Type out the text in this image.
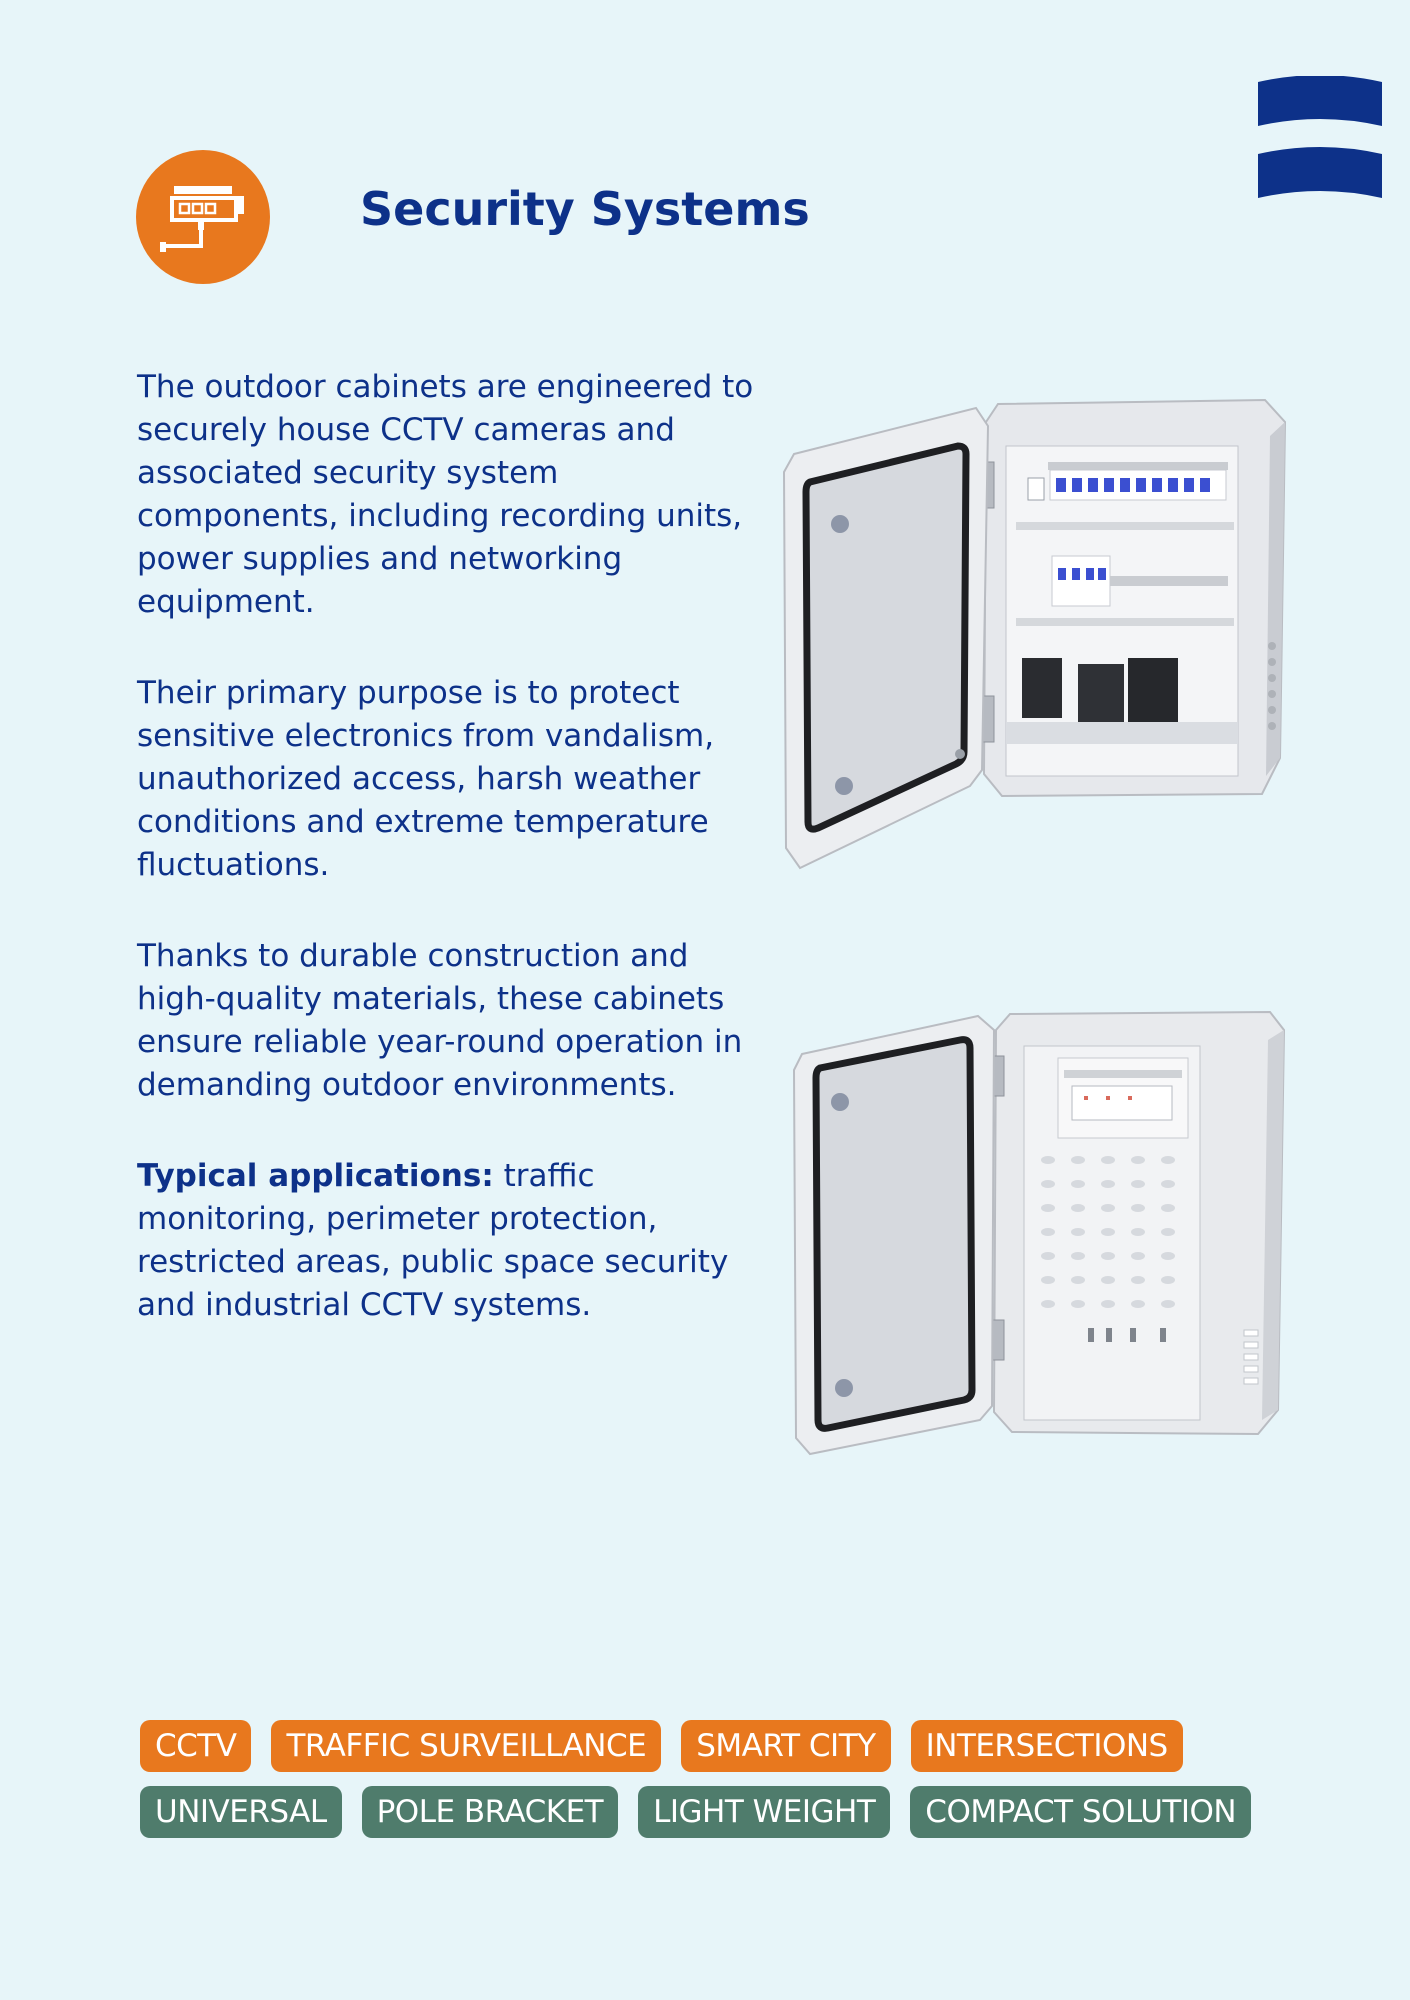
Security Systems

The outdoor cabinets are engineered to securely house CCTV cameras and associated security system components, including recording units, power supplies and networking equipment.

Their primary purpose is to protect sensitive electronics from vandalism, unauthorized access, harsh weather conditions and extreme temperature fluctuations.

Thanks to durable construction and high-quality materials, these cabinets ensure reliable year-round operation in demanding outdoor environments.

Typical applications: traffic monitoring, perimeter protection, restricted areas, public space security and industrial CCTV systems.

CCTV	TRAFFIC SURVEILLANCE	SMART CITY	INTERSECTIONS
UNIVERSAL	POLE BRACKET	LIGHT WEIGHT	COMPACT SOLUTION
